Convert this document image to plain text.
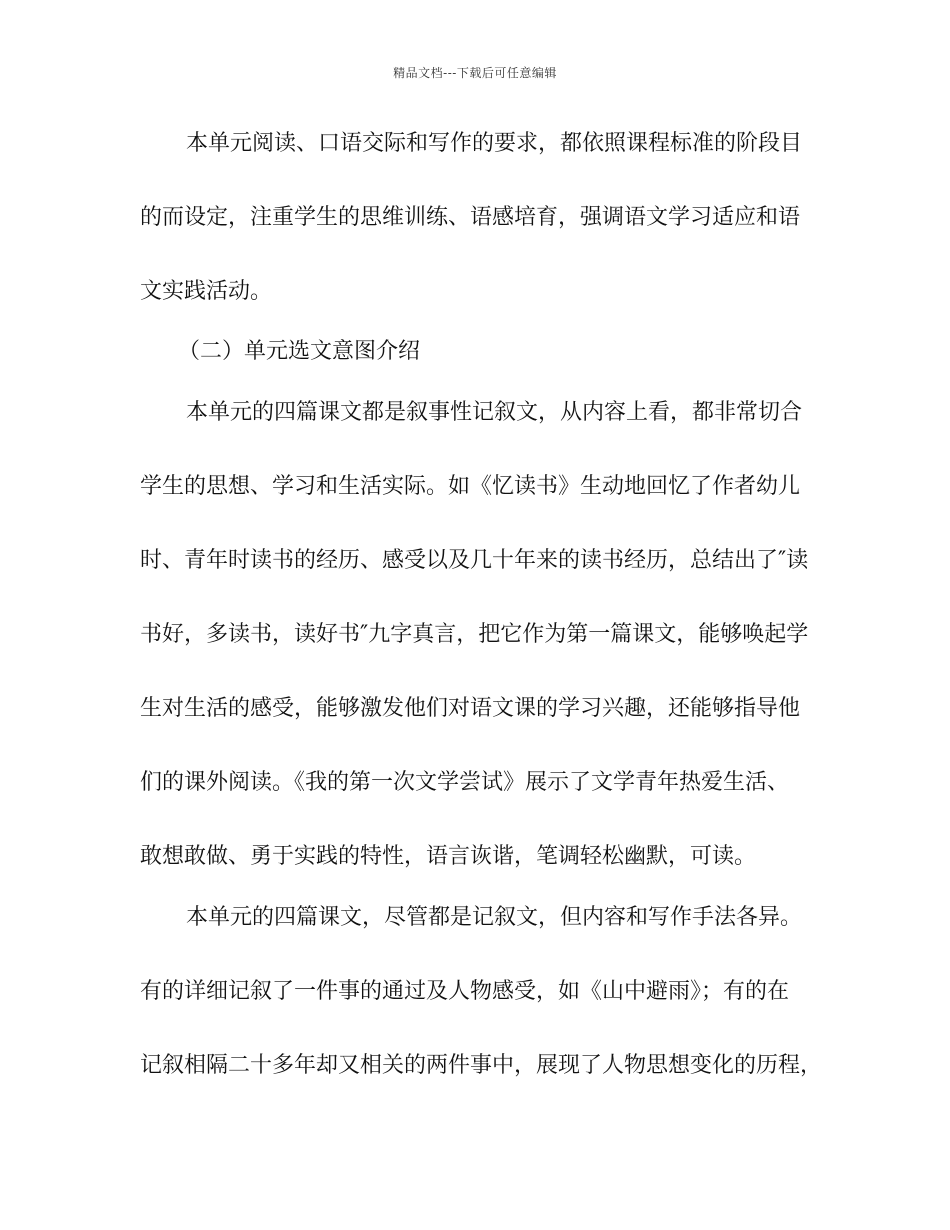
精品文档---下载后可任意编辑
本单元阅读、口语交际和写作的要求，都依照课程标准的阶段目
的而设定，注重学生的思维训练、语感培育，强调语文学习适应和语
文实践活动。
（二）单元选文意图介绍
本单元的四篇课文都是叙事性记叙文，从内容上看，都非常切合
学生的思想、学习和生活实际。如《忆读书》生动地回忆了作者幼儿
时、青年时读书的经历、感受以及几十年来的读书经历，总结出了″读
书好，多读书，读好书″九字真言，把它作为第一篇课文，能够唤起学
生对生活的感受，能够激发他们对语文课的学习兴趣，还能够指导他
们的课外阅读。《我的第一次文学尝试》展示了文学青年热爱生活、
敢想敢做、勇于实践的特性，语言诙谐，笔调轻松幽默，可读。
本单元的四篇课文，尽管都是记叙文，但内容和写作手法各异。
有的详细记叙了一件事的通过及人物感受，如《山中避雨》；有的在
记叙相隔二十多年却又相关的两件事中，展现了人物思想变化的历程，
